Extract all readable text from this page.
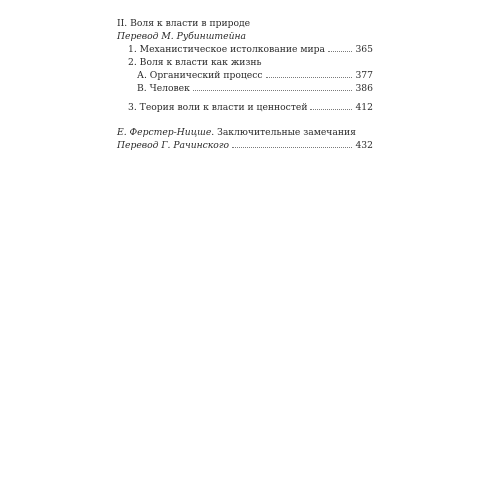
II. Воля к власти в природе
Перевод М. Рубинштейна
1. Механистическое истолкование мира	365
2. Воля к власти как жизнь
А. Органический процесс	377
В. Человек	386
3. Теория воли к власти и ценностей	412
Е. Ферстер-Ницше. Заключительные замечания
Перевод Г. Рачинского	432
